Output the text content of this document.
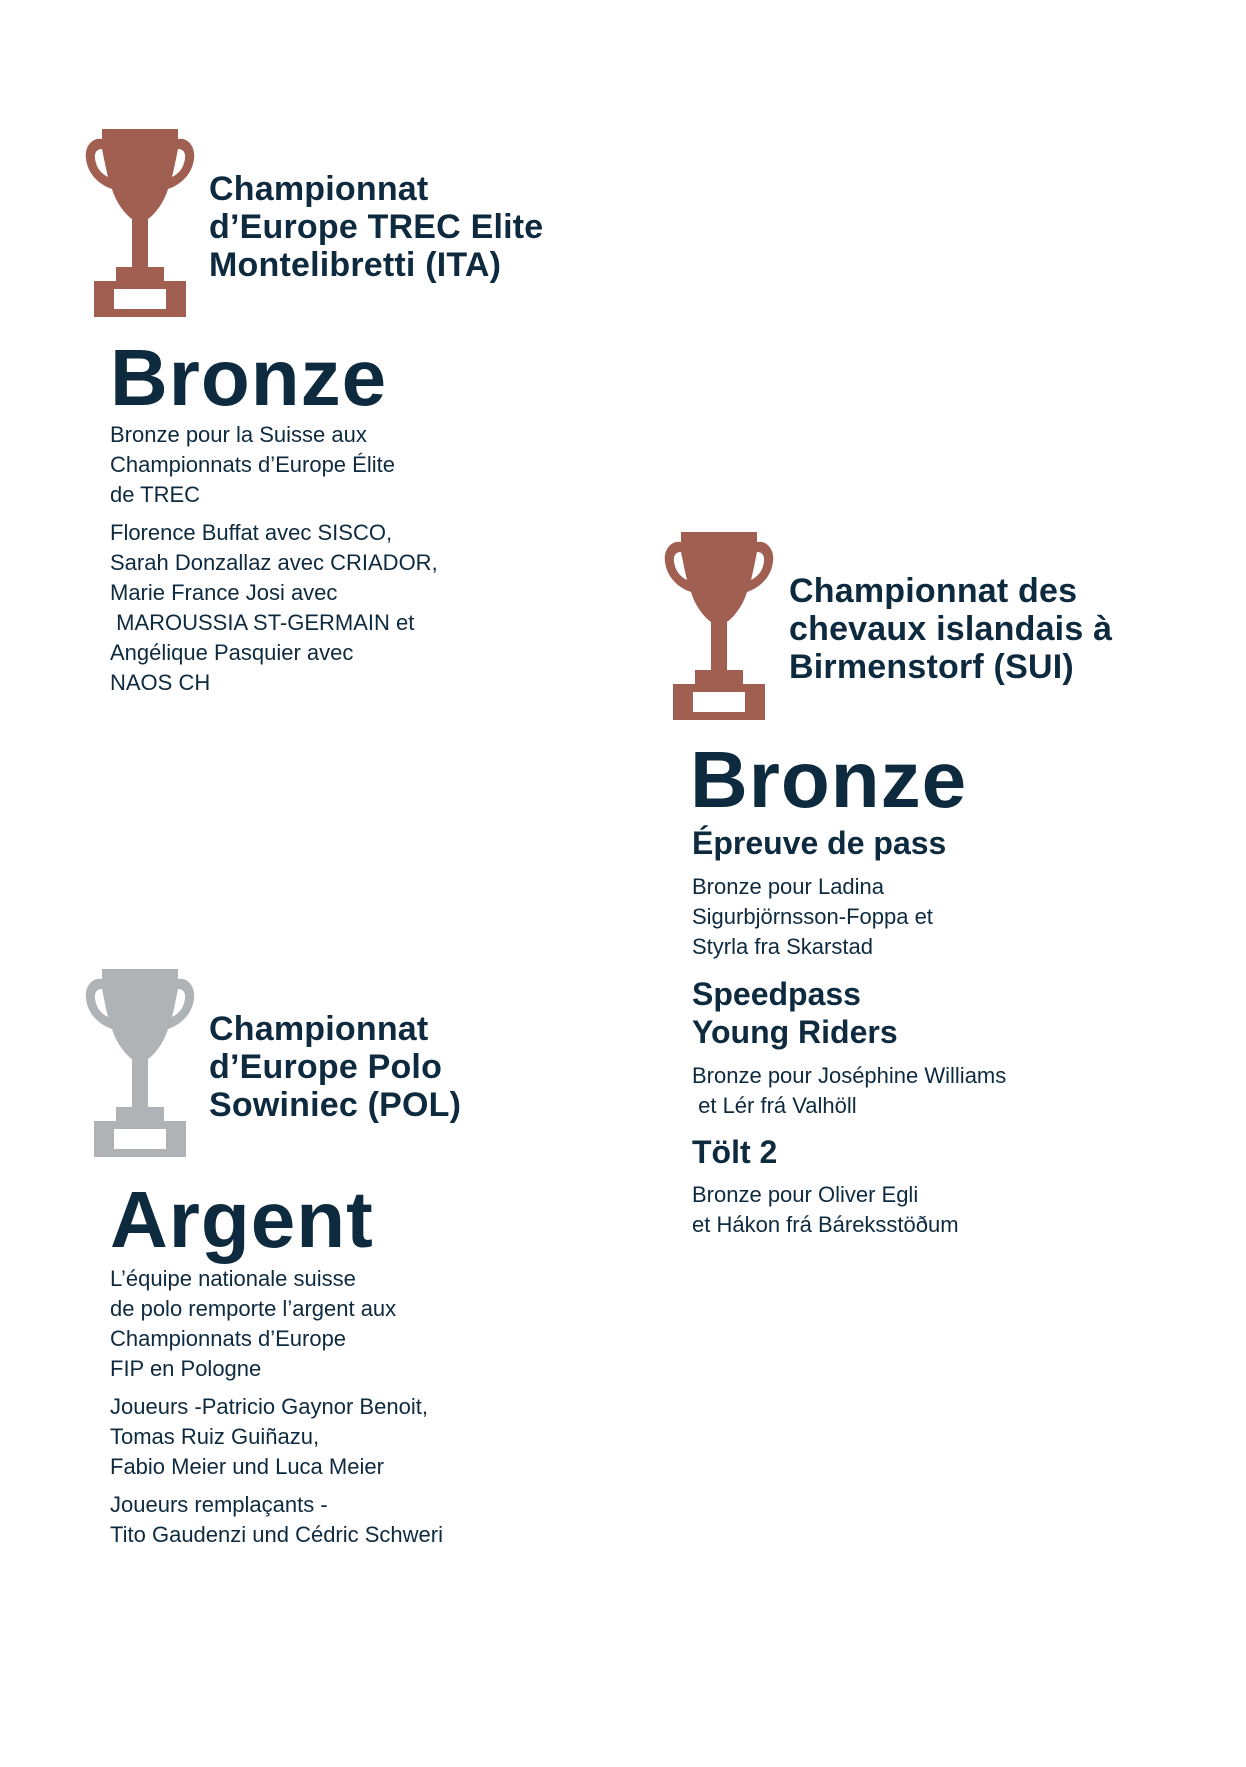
Championnat
d’Europe TREC Elite
Montelibretti (ITA)
Bronze
Bronze pour la Suisse aux
Championnats d’Europe Élite
de TREC
Florence Buffat avec SISCO,
Sarah Donzallaz avec CRIADOR,
Marie France Josi avec
MAROUSSIA ST-GERMAIN et
Angélique Pasquier avec
NAOS CH
Championnat des
chevaux islandais à
Birmenstorf (SUI)
Bronze
Épreuve de pass
Bronze pour Ladina
Sigurbjörnsson-Foppa et
Styrla fra Skarstad
Speedpass
Young Riders
Bronze pour Joséphine Williams
et Lér frá Valhöll
Tölt 2
Bronze pour Oliver Egli
et Hákon frá Báreksstöðum
Championnat
d’Europe Polo
Sowiniec (POL)
Argent
L’équipe nationale suisse
de polo remporte l’argent aux
Championnats d’Europe
FIP en Pologne
Joueurs -Patricio Gaynor Benoit,
Tomas Ruiz Guiñazu,
Fabio Meier und Luca Meier
Joueurs remplaçants -
Tito Gaudenzi und Cédric Schweri
